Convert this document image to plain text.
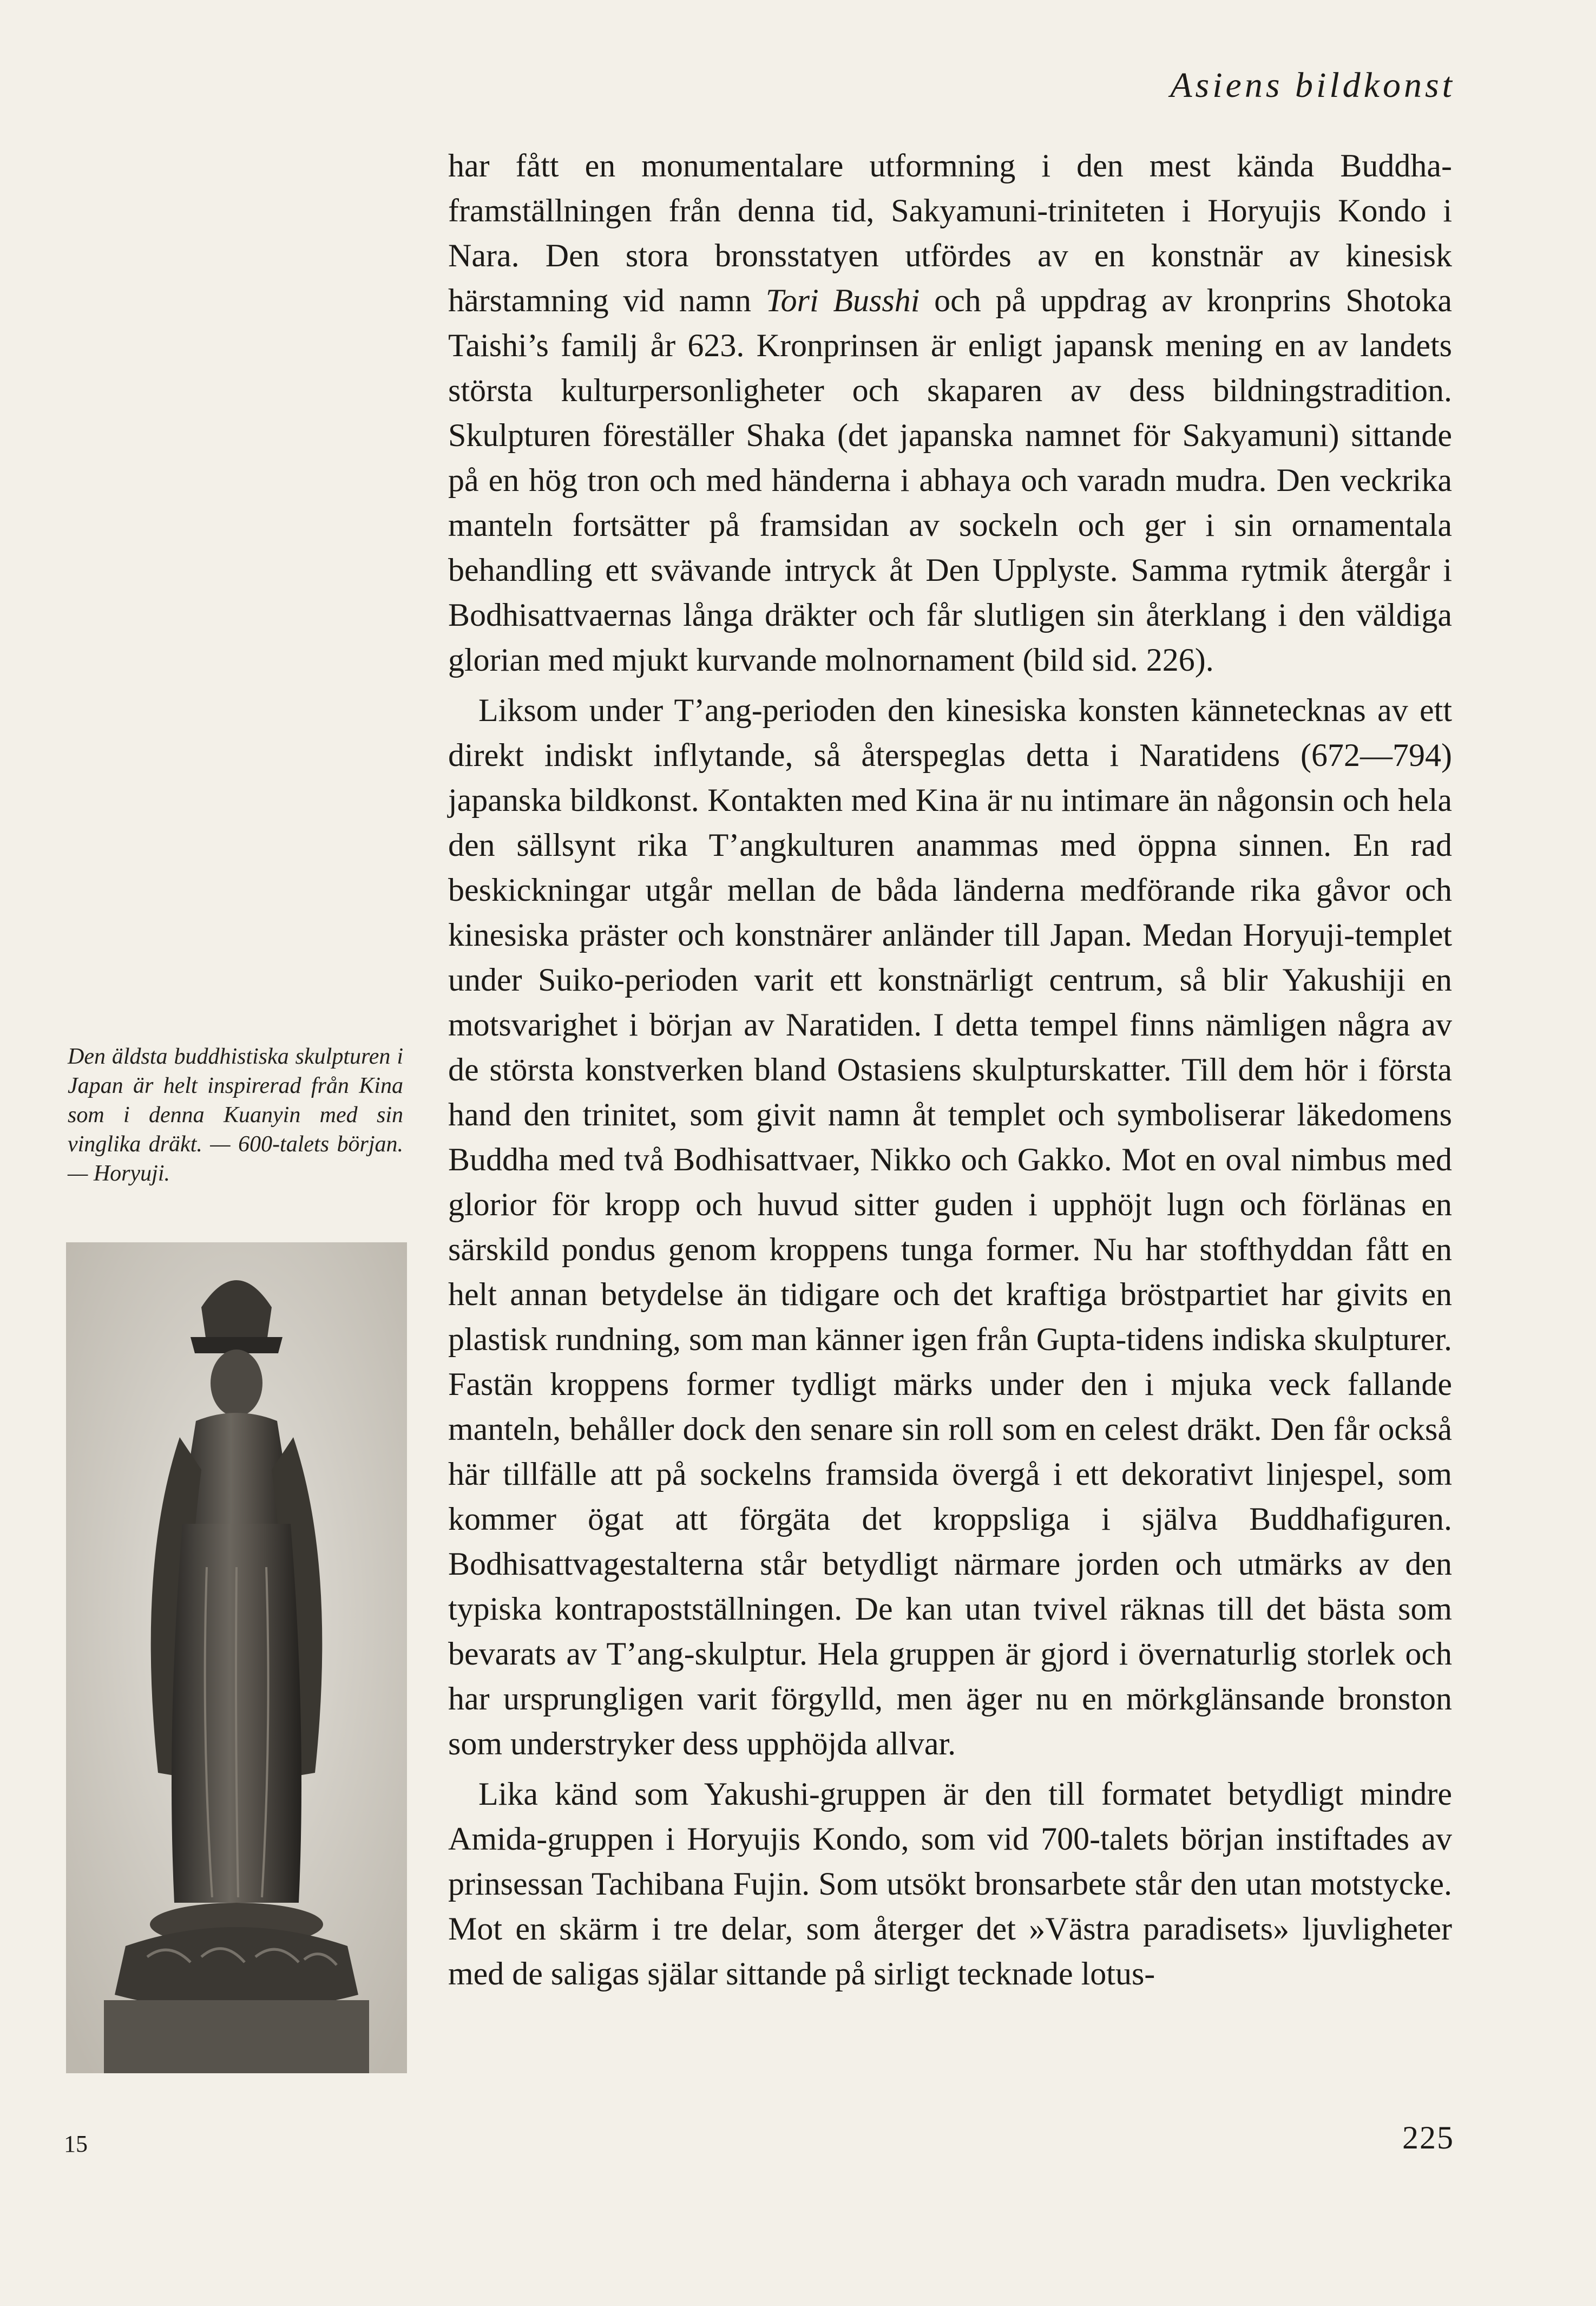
Asiens bildkonst

har fått en monumentalare utformning i den mest kända Buddha-framställningen från denna tid, Sakyamuni-triniteten i Horyujis Kondo i Nara. Den stora bronsstatyen utfördes av en konstnär av kinesisk härstamning vid namn Tori Busshi och på uppdrag av kronprins Shotoka Taishi’s familj år 623. Kronprinsen är enligt japansk mening en av landets största kulturpersonligheter och skaparen av dess bildningstradition. Skulpturen föreställer Shaka (det japanska namnet för Sakyamuni) sittande på en hög tron och med händerna i abhaya och varadn mudra. Den veckrika manteln fortsätter på framsidan av sockeln och ger i sin ornamentala behandling ett svävande intryck åt Den Upplyste. Samma rytmik återgår i Bodhisattvaernas långa dräkter och får slutligen sin återklang i den väldiga glorian med mjukt kurvande molnornament (bild sid. 226).

Liksom under T’ang-perioden den kinesiska konsten kännetecknas av ett direkt indiskt inflytande, så återspeglas detta i Naratidens (672—794) japanska bildkonst. Kontakten med Kina är nu intimare än någonsin och hela den sällsynt rika T’angkulturen anammas med öppna sinnen. En rad beskickningar utgår mellan de båda länderna medförande rika gåvor och kinesiska präster och konstnärer anländer till Japan. Medan Horyuji-templet under Suiko-perioden varit ett konstnärligt centrum, så blir Yakushiji en motsvarighet i början av Naratiden. I detta tempel finns nämligen några av de största konstverken bland Ostasiens skulpturskatter. Till dem hör i första hand den trinitet, som givit namn åt templet och symboliserar läkedomens Buddha med två Bodhisattvaer, Nikko och Gakko. Mot en oval nimbus med glorior för kropp och huvud sitter guden i upphöjt lugn och förlänas en särskild pondus genom kroppens tunga former. Nu har stofthyddan fått en helt annan betydelse än tidigare och det kraftiga bröstpartiet har givits en plastisk rundning, som man känner igen från Gupta-tidens indiska skulpturer. Fastän kroppens former tydligt märks under den i mjuka veck fallande manteln, behåller dock den senare sin roll som en celest dräkt. Den får också här tillfälle att på sockelns framsida övergå i ett dekorativt linjespel, som kommer ögat att förgäta det kroppsliga i själva Buddhafiguren. Bodhisattvagestalterna står betydligt närmare jorden och utmärks av den typiska kontrapostställningen. De kan utan tvivel räknas till det bästa som bevarats av T’ang-skulptur. Hela gruppen är gjord i övernaturlig storlek och har ursprungligen varit förgylld, men äger nu en mörkglänsande bronston som understryker dess upphöjda allvar.

Lika känd som Yakushi-gruppen är den till formatet betydligt mindre Amida-gruppen i Horyujis Kondo, som vid 700-talets början instiftades av prinsessan Tachibana Fujin. Som utsökt bronsarbete står den utan motstycke. Mot en skärm i tre delar, som återger det »Västra paradisets» ljuvligheter med de saligas själar sittande på sirligt tecknade lotus-

Den äldsta buddhistiska skulpturen i Japan är helt inspirerad från Kina som i denna Kuanyin med sin vinglika dräkt. — 600-talets början. — Horyuji.
15	225
